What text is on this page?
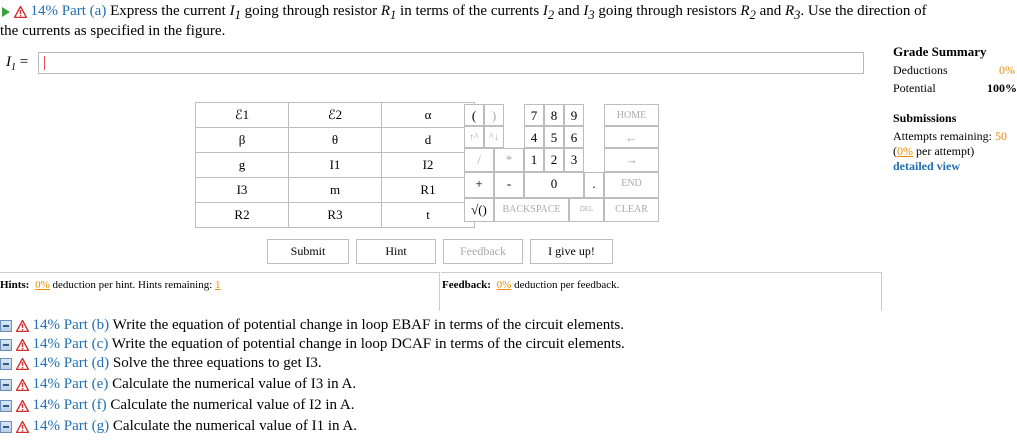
14% Part (a) Express the current $I_1$ going through resistor $R_1$ in terms of the currents $I_2$ and $I_3$ going through resistors $R_2$ and $R_3$. Use the direction of
the currents as specified in the figure.
$I_1$ =
Grade Summary
Deductions	0%
Potential	100%
Submissions
Attempts remaining: 50
(0% per attempt)
detailed view
ℰ1	ℰ2	α
β	θ	d
g	I1	I2
I3	m	R1
R2	R3	t
(	)	7	8	9	HOME
↑^	^↓	4	5	6	←
/	*	1	2	3	→
+	-	0	.	END
√()	BACKSPACE	DEL	CLEAR
Submit	Hint	Feedback	I give up!
Hints: 0% deduction per hint. Hints remaining: 1	Feedback: 0% deduction per feedback.
14% Part (b) Write the equation of potential change in loop EBAF in terms of the circuit elements.
14% Part (c) Write the equation of potential change in loop DCAF in terms of the circuit elements.
14% Part (d) Solve the three equations to get I3.
14% Part (e) Calculate the numerical value of I3 in A.
14% Part (f) Calculate the numerical value of I2 in A.
14% Part (g) Calculate the numerical value of I1 in A.
